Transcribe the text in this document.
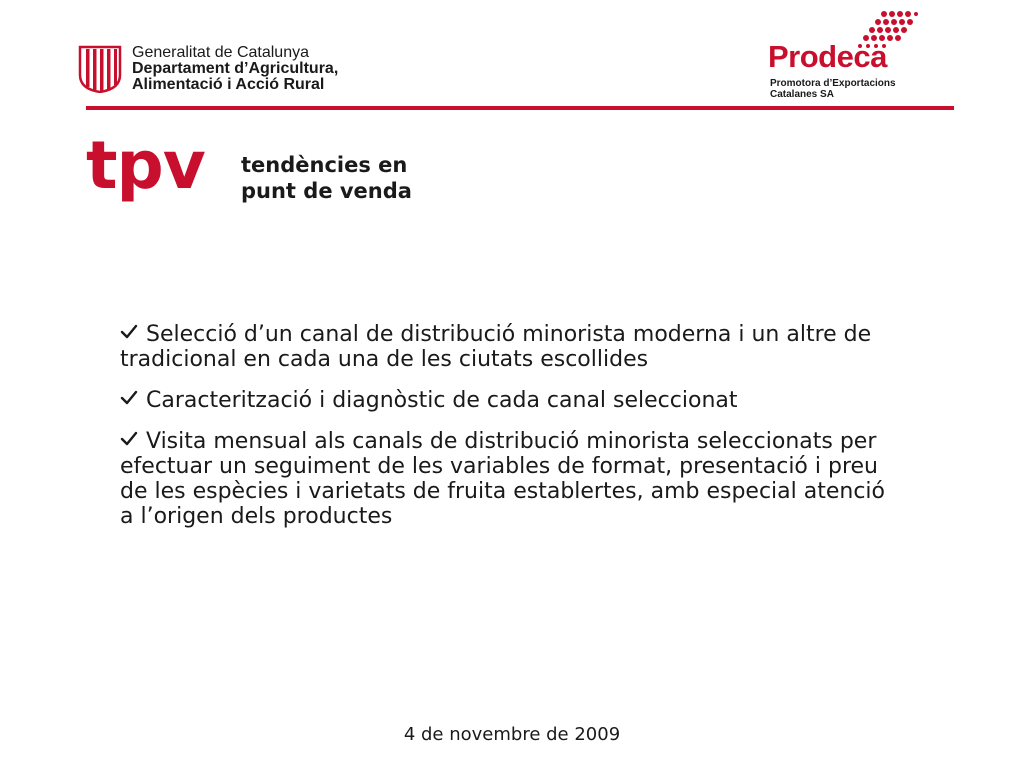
Generalitat de Catalunya
Departament d’Agricultura,
Alimentació i Acció Rural
Prodeca
Promotora d’Exportacions
Catalanes SA
tpv tendències en
punt de venda
Selecció d’un canal de distribució minorista moderna i un altre de tradicional en cada una de les ciutats escollides
Caracterització i diagnòstic de cada canal seleccionat
Visita mensual als canals de distribució minorista seleccionats per efectuar un seguiment de les variables de format, presentació i preu de les espècies i varietats de fruita establertes, amb especial atenció a l’origen dels productes
4 de novembre de 2009
